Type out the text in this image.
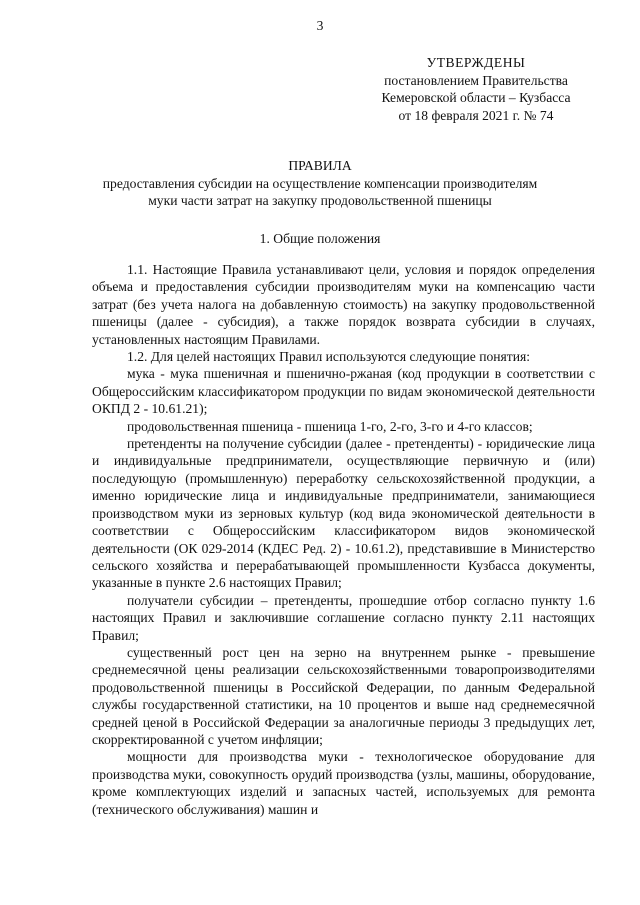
3
УТВЕРЖДЕНЫ
постановлением Правительства
Кемеровской области – Кузбасса
от 18 февраля 2021 г. № 74
ПРАВИЛА
предоставления субсидии на осуществление компенсации производителям
муки части затрат на закупку продовольственной пшеницы
1. Общие положения

1.1. Настоящие Правила устанавливают цели, условия и порядок определения объема и предоставления субсидии производителям муки на компенсацию части затрат (без учета налога на добавленную стоимость) на закупку продовольственной пшеницы (далее - субсидия), а также порядок возврата субсидии в случаях, установленных настоящим Правилами.

1.2. Для целей настоящих Правил используются следующие понятия:

мука - мука пшеничная и пшенично-ржаная (код продукции в соответствии с Общероссийским классификатором продукции по видам экономической деятельности ОКПД 2 - 10.61.21);

продовольственная пшеница - пшеница 1-го, 2-го, 3-го и 4-го классов;

претенденты на получение субсидии (далее - претенденты) - юридические лица и индивидуальные предприниматели, осуществляющие первичную и (или) последующую (промышленную) переработку сельскохозяйственной продукции, а именно юридические лица и индивидуальные предприниматели, занимающиеся производством муки из зерновых культур (код вида экономической деятельности в соответствии с Общероссийским классификатором видов экономической деятельности (ОК 029-2014 (КДЕС Ред. 2) - 10.61.2), представившие в Министерство сельского хозяйства и перерабатывающей промышленности Кузбасса документы, указанные в пункте 2.6 настоящих Правил;

получатели субсидии – претенденты, прошедшие отбор согласно пункту 1.6 настоящих Правил и заключившие соглашение согласно пункту 2.11 настоящих Правил;

существенный рост цен на зерно на внутреннем рынке - превышение среднемесячной цены реализации сельскохозяйственными товаропроизводителями продовольственной пшеницы в Российской Федерации, по данным Федеральной службы государственной статистики, на 10 процентов и выше над среднемесячной средней ценой в Российской Федерации за аналогичные периоды 3 предыдущих лет, скорректированной с учетом инфляции;

мощности для производства муки - технологическое оборудование для производства муки, совокупность орудий производства (узлы, машины, оборудование, кроме комплектующих изделий и запасных частей, используемых для ремонта (технического обслуживания) машин и
